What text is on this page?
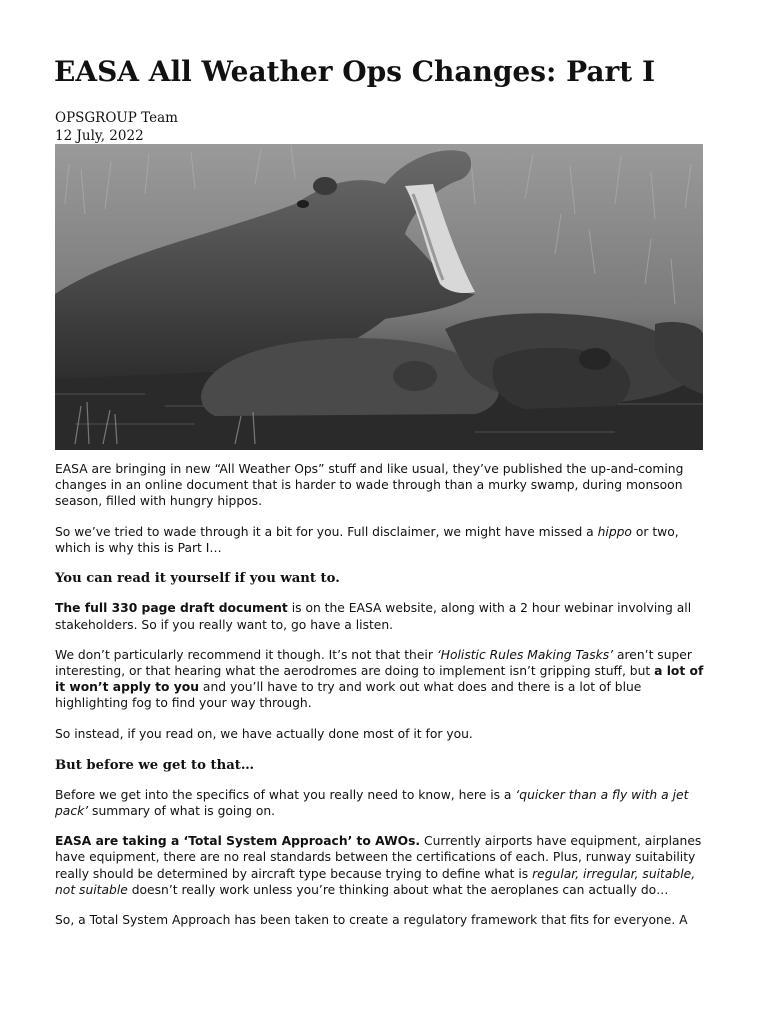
EASA All Weather Ops Changes: Part I
OPSGROUP Team
12 July, 2022

EASA are bringing in new “All Weather Ops” stuff and like usual, they’ve published the up-and-coming changes in an online document that is harder to wade through than a murky swamp, during monsoon season, filled with hungry hippos.

So we’ve tried to wade through it a bit for you. Full disclaimer, we might have missed a hippo or two, which is why this is Part I…

You can read it yourself if you want to.

The full 330 page draft document is on the EASA website, along with a 2 hour webinar involving all stakeholders. So if you really want to, go have a listen.

We don’t particularly recommend it though. It’s not that their ‘Holistic Rules Making Tasks’ aren’t super interesting, or that hearing what the aerodromes are doing to implement isn’t gripping stuff, but a lot of it won’t apply to you and you’ll have to try and work out what does and there is a lot of blue highlighting fog to find your way through.

So instead, if you read on, we have actually done most of it for you.

But before we get to that…

Before we get into the specifics of what you really need to know, here is a ‘quicker than a fly with a jet pack’ summary of what is going on.

EASA are taking a ‘Total System Approach’ to AWOs. Currently airports have equipment, airplanes have equipment, there are no real standards between the certifications of each. Plus, runway suitability really should be determined by aircraft type because trying to define what is regular, irregular, suitable, not suitable doesn’t really work unless you’re thinking about what the aeroplanes can actually do…

So, a Total System Approach has been taken to create a regulatory framework that fits for everyone. A
